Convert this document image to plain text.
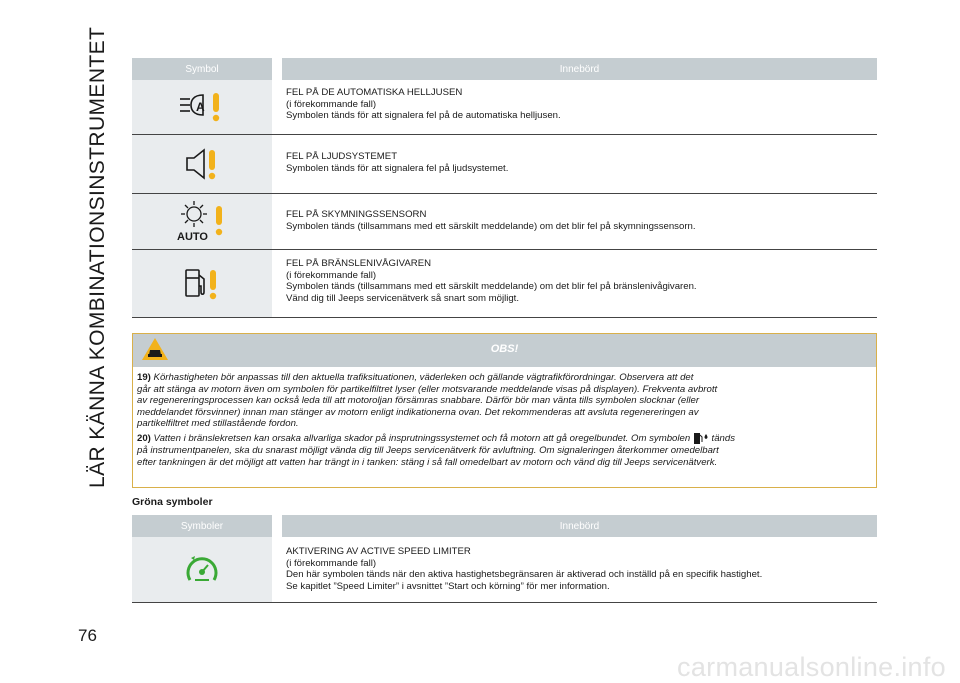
LÄR KÄNNA KOMBINATIONSINSTRUMENTET
76
Symbol	Innebörd
A
FEL PÅ DE AUTOMATISKA HELLJUSEN
(i förekommande fall)
Symbolen tänds för att signalera fel på de automatiska helljusen.
FEL PÅ LJUDSYSTEMET
Symbolen tänds för att signalera fel på ljudsystemet.
AUTO
FEL PÅ SKYMNINGSSENSORN
Symbolen tänds (tillsammans med ett särskilt meddelande) om det blir fel på skymningssensorn.
FEL PÅ BRÄNSLENIVÅGIVAREN
(i förekommande fall)
Symbolen tänds (tillsammans med ett särskilt meddelande) om det blir fel på bränslenivågivaren.
Vänd dig till Jeeps servicenätverk så snart som möjligt.
OBS!

19) Körhastigheten bör anpassas till den aktuella trafiksituationen, väderleken och gällande vägtrafikförordningar. Observera att det
går att stänga av motorn även om symbolen för partikelfiltret lyser (eller motsvarande meddelande visas på displayen). Frekventa avbrott
av regenereringsprocessen kan också leda till att motoroljan försämras snabbare. Därför bör man vänta tills symbolen slocknar (eller
meddelandet försvinner) innan man stänger av motorn enligt indikationerna ovan. Det rekommenderas att avsluta regenereringen av
partikelfiltret med stillastående fordon.

20) Vatten i bränslekretsen kan orsaka allvarliga skador på insprutningssystemet och få motorn att gå oregelbundet. Om symbolen tänds
på instrumentpanelen, ska du snarast möjligt vända dig till Jeeps servicenätverk för avluftning. Om signaleringen återkommer omedelbart
efter tankningen är det möjligt att vatten har trängt in i tanken: stäng i så fall omedelbart av motorn och vänd dig till Jeeps servicenätverk.

Gröna symboler
Symboler	Innebörd
AKTIVERING AV ACTIVE SPEED LIMITER
(i förekommande fall)
Den här symbolen tänds när den aktiva hastighetsbegränsaren är aktiverad och inställd på en specifik hastighet.
Se kapitlet ”Speed Limiter” i avsnittet ”Start och körning” för mer information.
carmanualsonline.info
